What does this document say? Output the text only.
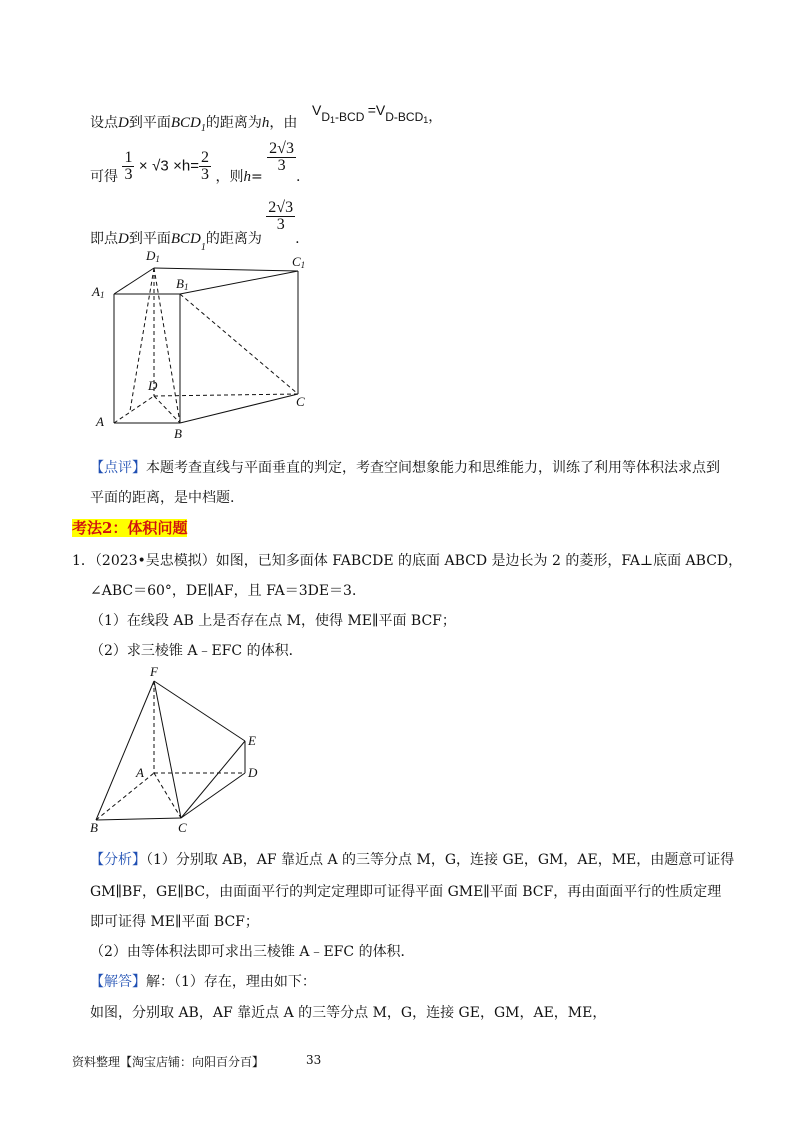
设点D到平面$BCD_1$的距离为h，由
VD1-BCD =VD-BCD1，
可得 $\frac{1}{3} \times √3 \times h= \frac{2}{3}$ ，则h=
$\frac{2√3}{3}$
.
即点D到平面$BCD_1$的距离为
$\frac{2√3}{3}$
.
D1	C1
A1
B1
D
C
A
B
【点评】本题考查直线与平面垂直的判定，考查空间想象能力和思维能力，训练了利用等体积法求点到
平面的距离，是中档题.
考法2：体积问题
1．（2023•吴忠模拟）如图，已知多面体 FABCDE 的底面 ABCD 是边长为 2 的菱形，FA⊥底面 ABCD，
∠ABC＝60°，DE∥AF，且 FA＝3DE＝3．
（1）在线段 AB 上是否存在点 M，使得 ME∥平面 BCF；
（2）求三棱锥 A﹣EFC 的体积．
F
E
A	D
B	C
【分析】（1）分别取 AB，AF 靠近点 A 的三等分点 M，G，连接 GE，GM，AE，ME，由题意可证得
GM∥BF，GE∥BC，由面面平行的判定定理即可证得平面 GME∥平面 BCF，再由面面平行的性质定理
即可证得 ME∥平面 BCF；
（2）由等体积法即可求出三棱锥 A﹣EFC 的体积．
【解答】解：（1）存在，理由如下：
如图，分别取 AB，AF 靠近点 A 的三等分点 M，G，连接 GE，GM，AE，ME，
资料整理【淘宝店铺：向阳百分百】	33
